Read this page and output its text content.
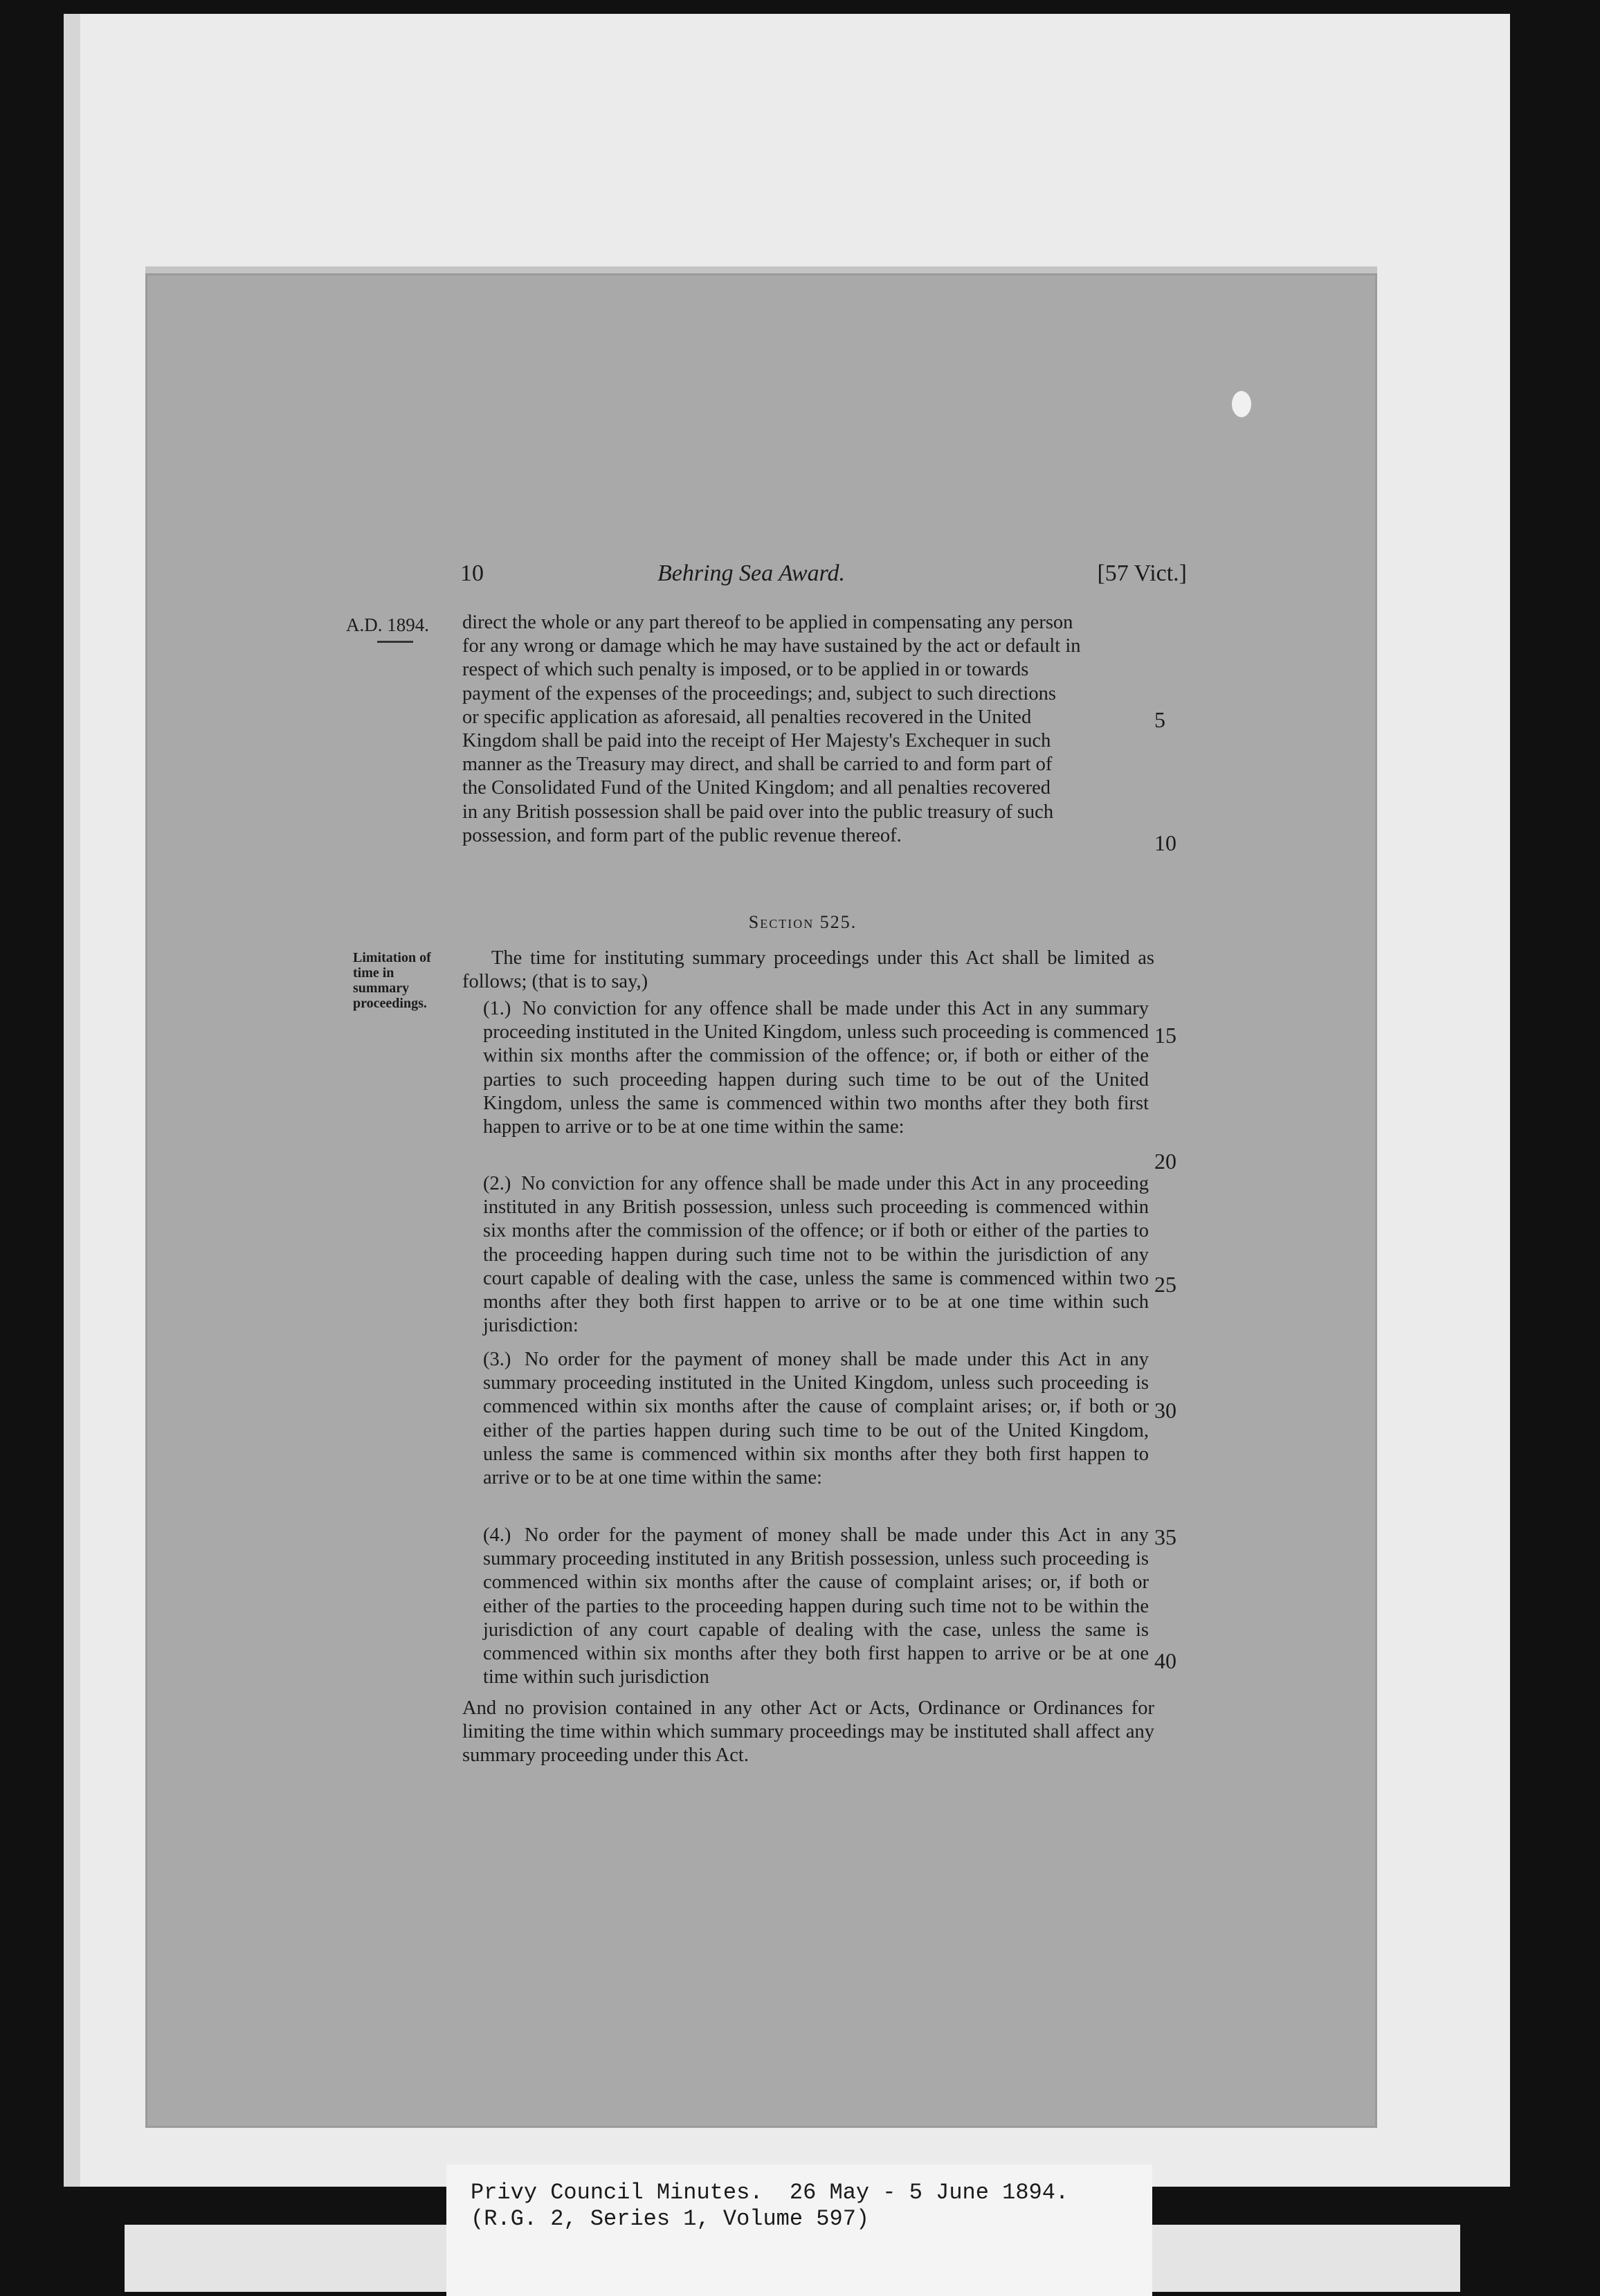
10	Behring Sea Award.	[57 Vict.]
A.D. 1894. direct the whole or any part thereof to be applied in compensating any person

for any wrong or damage which he may have sustained by the act or default in

respect of which such penalty is imposed, or to be applied in or towards

payment of the expenses of the proceedings; and, subject to such directions

or specific application as aforesaid, all penalties recovered in the United

Kingdom shall be paid into the receipt of Her Majesty's Exchequer in such

manner as the Treasury may direct, and shall be carried to and form part of

the Consolidated Fund of the United Kingdom; and all penalties recovered

in any British possession shall be paid over into the public treasury of such

possession, and form part of the public revenue thereof.

Section 525.
Limitation of time in summary proceedings.
The time for instituting summary proceedings under this Act shall be limited as follows; (that is to say,)
(1.) No conviction for any offence shall be made under this Act in any summary proceeding instituted in the United Kingdom, unless such proceeding is commenced within six months after the commission of the offence; or, if both or either of the parties to such proceeding happen during such time to be out of the United Kingdom, unless the same is commenced within two months after they both first happen to arrive or to be at one time within the same:
(2.) No conviction for any offence shall be made under this Act in any proceeding instituted in any British possession, unless such proceeding is commenced within six months after the commission of the offence; or if both or either of the parties to the proceeding happen during such time not to be within the jurisdiction of any court capable of dealing with the case, unless the same is commenced within two months after they both first happen to arrive or to be at one time within such jurisdiction:
(3.) No order for the payment of money shall be made under this Act in any summary proceeding instituted in the United Kingdom, unless such proceeding is commenced within six months after the cause of complaint arises; or, if both or either of the parties happen during such time to be out of the United Kingdom, unless the same is commenced within six months after they both first happen to arrive or to be at one time within the same:
(4.) No order for the payment of money shall be made under this Act in any summary proceeding instituted in any British possession, unless such proceeding is commenced within six months after the cause of complaint arises; or, if both or either of the parties to the proceeding happen during such time not to be within the jurisdiction of any court capable of dealing with the case, unless the same is commenced within six months after they both first happen to arrive or be at one time within such jurisdiction
And no provision contained in any other Act or Acts, Ordinance or Ordinances for limiting the time within which summary proceedings may be instituted shall affect any summary proceeding under this Act.
5
10
15
20
25
30
35
40
Privy Council Minutes.  26 May - 5 June 1894.
(R.G. 2, Series 1, Volume 597)
